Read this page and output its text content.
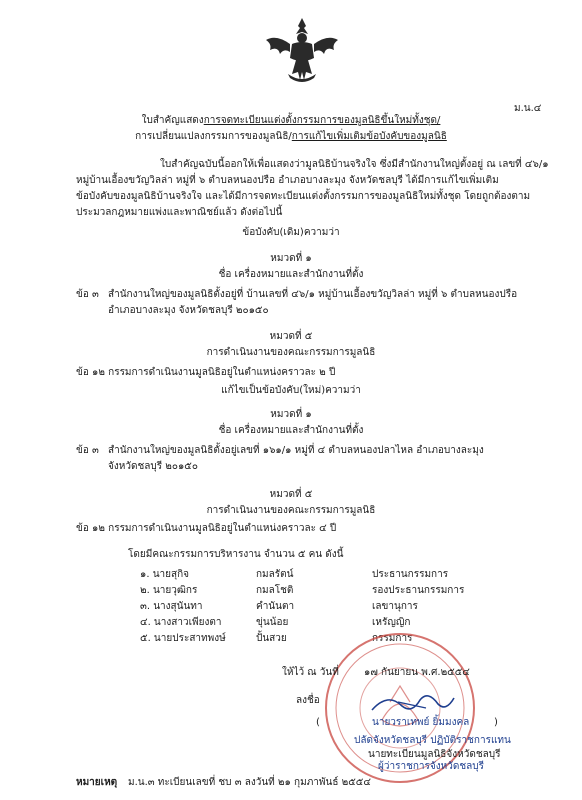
ม.น.๔
ใบสำคัญแสดงการจดทะเบียนแต่งตั้งกรรมการของมูลนิธิขึ้นใหม่ทั้งชุด/
การเปลี่ยนแปลงกรรมการของมูลนิธิ/การแก้ไขเพิ่มเติมข้อบังคับของมูลนิธิ
ใบสำคัญฉบับนี้ออกให้เพื่อแสดงว่ามูลนิธิบ้านจริงใจ ซึ่งมีสำนักงานใหญ่ตั้งอยู่ ณ เลขที่ ๔๖/๑
หมู่บ้านเอื้องขวัญวิลล่า หมู่ที่ ๖ ตำบลหนองปรือ อำเภอบางละมุง จังหวัดชลบุรี ได้มีการแก้ไขเพิ่มเติม
ข้อบังคับของมูลนิธิบ้านจริงใจ และได้มีการจดทะเบียนแต่งตั้งกรรมการของมูลนิธิใหม่ทั้งชุด โดยถูกต้องตาม
ประมวลกฎหมายแพ่งและพาณิชย์แล้ว ดังต่อไปนี้
ข้อบังคับ(เดิม)ความว่า
หมวดที่ ๑
ชื่อ เครื่องหมายและสำนักงานที่ตั้ง
ข้อ ๓ สำนักงานใหญ่ของมูลนิธิตั้งอยู่ที่ บ้านเลขที่ ๔๖/๑ หมู่บ้านเอื้องขวัญวิลล่า หมู่ที่ ๖ ตำบลหนองปรือ
อำเภอบางละมุง จังหวัดชลบุรี ๒๐๑๕๐
หมวดที่ ๕
การดำเนินงานของคณะกรรมการมูลนิธิ
ข้อ ๑๒ กรรมการดำเนินงานมูลนิธิอยู่ในตำแหน่งคราวละ ๒ ปี
แก้ไขเป็นข้อบังคับ(ใหม่)ความว่า
หมวดที่ ๑
ชื่อ เครื่องหมายและสำนักงานที่ตั้ง
ข้อ ๓ สำนักงานใหญ่ของมูลนิธิตั้งอยู่เลขที่ ๑๖๑/๑ หมู่ที่ ๔ ตำบลหนองปลาไหล อำเภอบางละมุง
จังหวัดชลบุรี ๒๐๑๕๐
หมวดที่ ๕
การดำเนินงานของคณะกรรมการมูลนิธิ
ข้อ ๑๒ กรรมการดำเนินงานมูลนิธิอยู่ในตำแหน่งคราวละ ๔ ปี
โดยมีคณะกรรมการบริหารงาน จำนวน ๕ คน ดังนี้
๑. นายสุกิจ	กมลรัตน์	ประธานกรรมการ
๒. นายวุฒิกร	กมลโชติ	รองประธานกรรมการ
๓. นางสุนันทา	คำนันตา	เลขานุการ
๔. นางสาวเพียงตา	ขุ่นน้อย	เหรัญญิก
๕. นายประสาทพงษ์	ปั้นสวย	กรรมการ
ให้ไว้ ณ วันที่	๑๗ กันยายน พ.ศ.๒๕๕๔
ลงชื่อ
(	นายวราเทพย์ ยิ้มมงคล )
ปลัดจังหวัดชลบุรี ปฏิบัติราชการแทน
นายทะเบียนมูลนิธิจังหวัดชลบุรี
ผู้ว่าราชการจังหวัดชลบุรี
หมายเหตุ ม.น.๓ ทะเบียนเลขที่ ชบ ๓ ลงวันที่ ๒๑ กุมภาพันธ์ ๒๕๕๔
